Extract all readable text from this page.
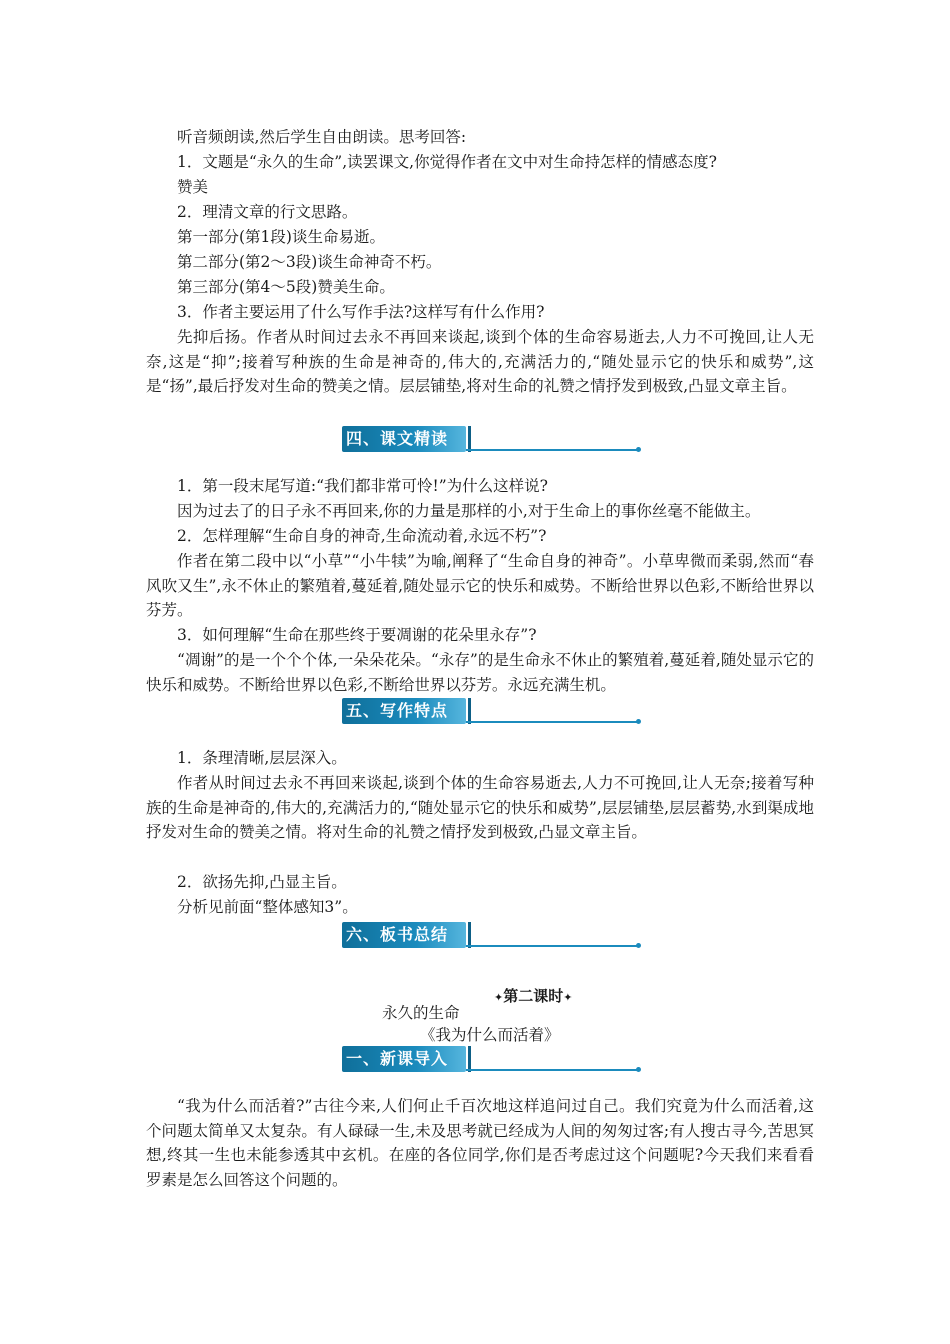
听音频朗读,然后学生自由朗读。思考回答:

1．文题是“永久的生命”,读罢课文,你觉得作者在文中对生命持怎样的情感态度?

赞美

2．理清文章的行文思路。

第一部分(第1段)谈生命易逝。

第二部分(第2～3段)谈生命神奇不朽。

第三部分(第4～5段)赞美生命。

3．作者主要运用了什么写作手法?这样写有什么作用?

先抑后扬。作者从时间过去永不再回来谈起,谈到个体的生命容易逝去,人力不可挽回,让人无奈,这是“抑”;接着写种族的生命是神奇的,伟大的,充满活力的,“随处显示它的快乐和威势”,这是“扬”,最后抒发对生命的赞美之情。层层铺垫,将对生命的礼赞之情抒发到极致,凸显文章主旨。

四、课文精读

1．第一段末尾写道:“我们都非常可怜!”为什么这样说?

因为过去了的日子永不再回来,你的力量是那样的小,对于生命上的事你丝毫不能做主。

2．怎样理解“生命自身的神奇,生命流动着,永远不朽”?

作者在第二段中以“小草”“小牛犊”为喻,阐释了“生命自身的神奇”。小草卑微而柔弱,然而“春风吹又生”,永不休止的繁殖着,蔓延着,随处显示它的快乐和威势。不断给世界以色彩,不断给世界以芬芳。

3．如何理解“生命在那些终于要凋谢的花朵里永存”?

“凋谢”的是一个个个体,一朵朵花朵。“永存”的是生命永不休止的繁殖着,蔓延着,随处显示它的快乐和威势。不断给世界以色彩,不断给世界以芬芳。永远充满生机。

五、写作特点

1．条理清晰,层层深入。

作者从时间过去永不再回来谈起,谈到个体的生命容易逝去,人力不可挽回,让人无奈;接着写种族的生命是神奇的,伟大的,充满活力的,“随处显示它的快乐和威势”,层层铺垫,层层蓄势,水到渠成地抒发对生命的赞美之情。将对生命的礼赞之情抒发到极致,凸显文章主旨。

2．欲扬先抑,凸显主旨。

分析见前面“整体感知3”。

六、板书总结
✦第二课时✦
永久的生命
《我为什么而活着》
一、新课导入

“我为什么而活着?”古往今来,人们何止千百次地这样追问过自己。我们究竟为什么而活着,这个问题太简单又太复杂。有人碌碌一生,未及思考就已经成为人间的匆匆过客;有人搜古寻今,苦思冥想,终其一生也未能参透其中玄机。在座的各位同学,你们是否考虑过这个问题呢?今天我们来看看罗素是怎么回答这个问题的。
